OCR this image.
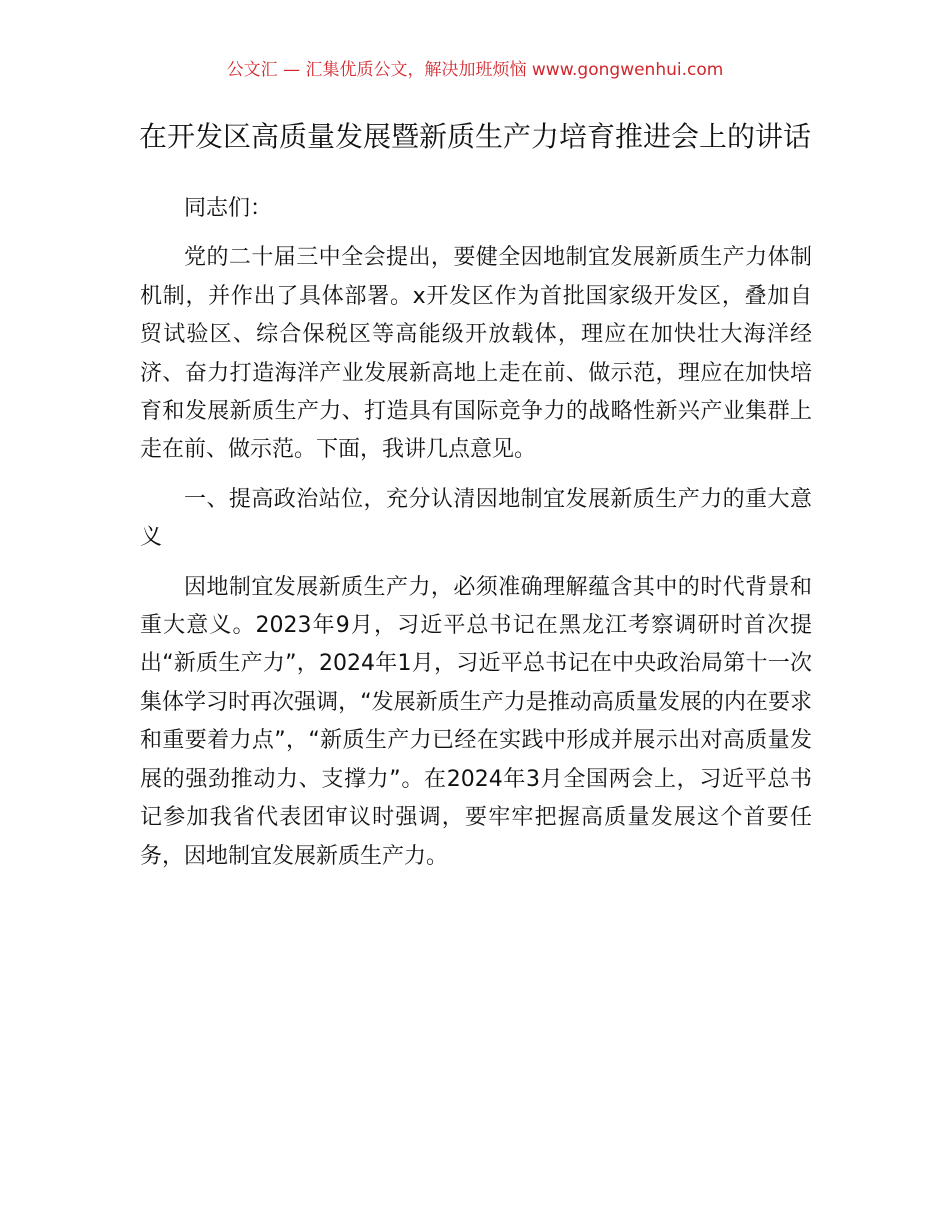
公文汇 — 汇集优质公文，解决加班烦恼 www.gongwenhui.com
在开发区高质量发展暨新质生产力培育推进会上的讲话

同志们：

党的二十届三中全会提出，要健全因地制宜发展新质生产力体制机制，并作出了具体部署。x开发区作为首批国家级开发区，叠加自贸试验区、综合保税区等高能级开放载体，理应在加快壮大海洋经济、奋力打造海洋产业发展新高地上走在前、做示范，理应在加快培育和发展新质生产力、打造具有国际竞争力的战略性新兴产业集群上走在前、做示范。下面，我讲几点意见。

一、提高政治站位，充分认清因地制宜发展新质生产力的重大意义

因地制宜发展新质生产力，必须准确理解蕴含其中的时代背景和重大意义。2023年9月，习近平总书记在黑龙江考察调研时首次提出“新质生产力”，2024年1月，习近平总书记在中央政治局第十一次集体学习时再次强调，“发展新质生产力是推动高质量发展的内在要求和重要着力点”，“新质生产力已经在实践中形成并展示出对高质量发展的强劲推动力、支撑力”。在2024年3月全国两会上，习近平总书记参加我省代表团审议时强调，要牢牢把握高质量发展这个首要任务，因地制宜发展新质生产力。
